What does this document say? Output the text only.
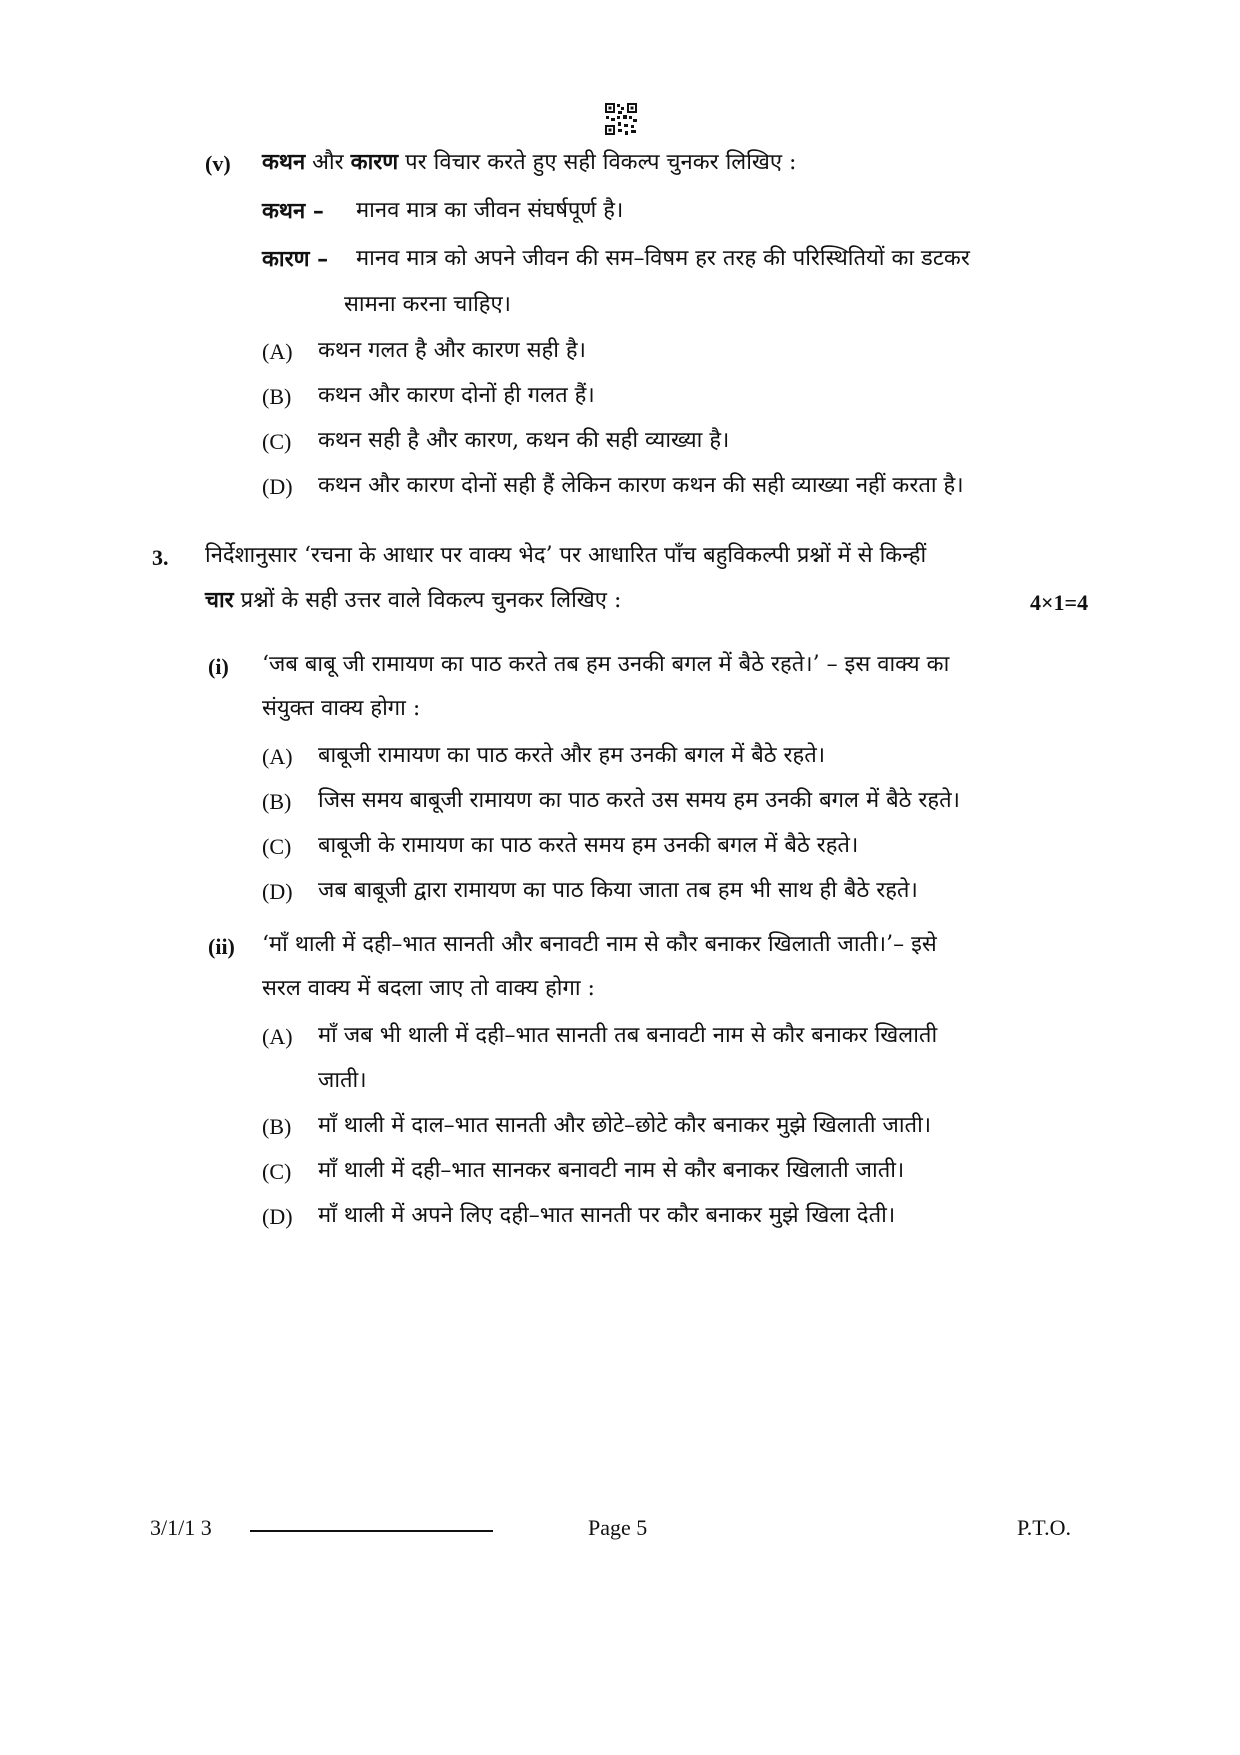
(v) कथन और कारण पर विचार करते हुए सही विकल्प चुनकर लिखिए :
कथन – मानव मात्र का जीवन संघर्षपूर्ण है।
कारण – मानव मात्र को अपने जीवन की सम–विषम हर तरह की परिस्थितियों का डटकर
सामना करना चाहिए।
(A) कथन गलत है और कारण सही है।
(B) कथन और कारण दोनों ही गलत हैं।
(C) कथन सही है और कारण, कथन की सही व्याख्या है।
(D) कथन और कारण दोनों सही हैं लेकिन कारण कथन की सही व्याख्या नहीं करता है।
3. निर्देशानुसार ‘रचना के आधार पर वाक्य भेद’ पर आधारित पाँच बहुविकल्पी प्रश्नों में से किन्हीं
चार प्रश्नों के सही उत्तर वाले विकल्प चुनकर लिखिए :	4×1=4
(i) ‘जब बाबू जी रामायण का पाठ करते तब हम उनकी बगल में बैठे रहते।’ – इस वाक्य का
संयुक्त वाक्य होगा :
(A) बाबूजी रामायण का पाठ करते और हम उनकी बगल में बैठे रहते।
(B) जिस समय बाबूजी रामायण का पाठ करते उस समय हम उनकी बगल में बैठे रहते।
(C) बाबूजी के रामायण का पाठ करते समय हम उनकी बगल में बैठे रहते।
(D) जब बाबूजी द्वारा रामायण का पाठ किया जाता तब हम भी साथ ही बैठे रहते।
(ii) ‘माँ थाली में दही–भात सानती और बनावटी नाम से कौर बनाकर खिलाती जाती।’– इसे
सरल वाक्य में बदला जाए तो वाक्य होगा :
(A) माँ जब भी थाली में दही–भात सानती तब बनावटी नाम से कौर बनाकर खिलाती
जाती।
(B) माँ थाली में दाल–भात सानती और छोटे–छोटे कौर बनाकर मुझे खिलाती जाती।
(C) माँ थाली में दही–भात सानकर बनावटी नाम से कौर बनाकर खिलाती जाती।
(D) माँ थाली में अपने लिए दही–भात सानती पर कौर बनाकर मुझे खिला देती।
3/1/1 3	Page 5	P.T.O.
